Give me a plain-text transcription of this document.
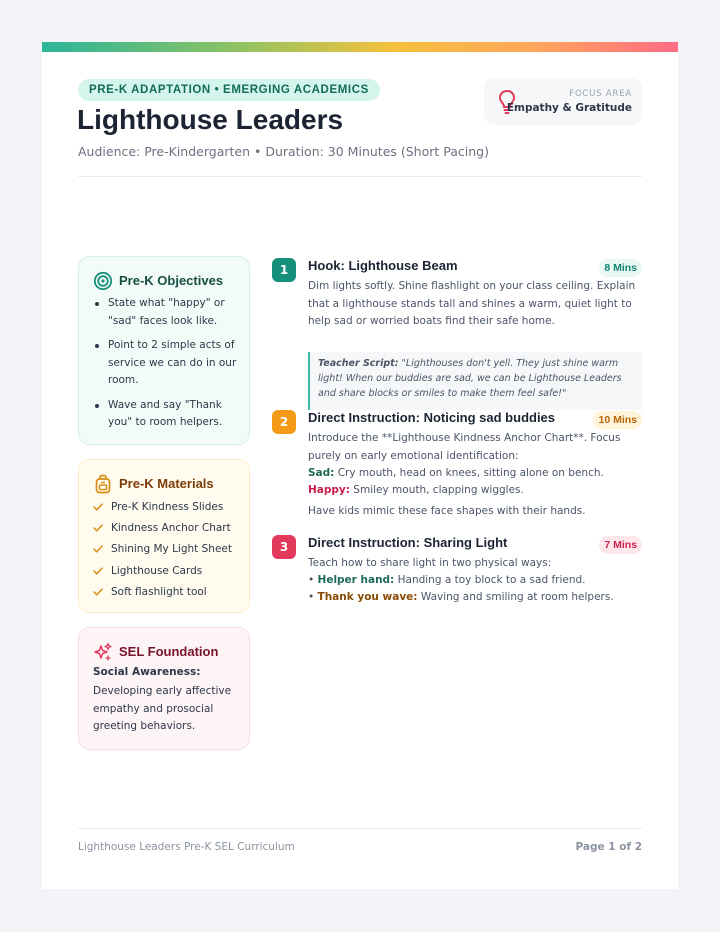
PRE-K ADAPTATION • EMERGING ACADEMICS
Lighthouse Leaders
Audience: Pre-Kindergarten • Duration: 30 Minutes (Short Pacing)
FOCUS AREA
Empathy & Gratitude
Pre-K Objectives
State what "happy" or "sad" faces look like.
Point to 2 simple acts of service we can do in our room.
Wave and say "Thank you" to room helpers.
Pre-K Materials
Pre-K Kindness Slides
Kindness Anchor Chart
Shining My Light Sheet
Lighthouse Cards
Soft flashlight tool
SEL Foundation
Social Awareness:
Developing early affective empathy and prosocial greeting behaviors.
1	Hook: Lighthouse Beam	8 Mins
Dim lights softly. Shine flashlight on your class ceiling. Explain that a lighthouse stands tall and shines a warm, quiet light to help sad or worried boats find their safe home.
Teacher Script: "Lighthouses don't yell. They just shine warm light! When our buddies are sad, we can be Lighthouse Leaders and share blocks or smiles to make them feel safe!"
2	Direct Instruction: Noticing sad buddies	10 Mins
Introduce the **Lighthouse Kindness Anchor Chart**. Focus purely on early emotional identification:
Sad: Cry mouth, head on knees, sitting alone on bench.
Happy: Smiley mouth, clapping wiggles.
Have kids mimic these face shapes with their hands.
3	Direct Instruction: Sharing Light	7 Mins
Teach how to share light in two physical ways:
• Helper hand: Handing a toy block to a sad friend.
• Thank you wave: Waving and smiling at room helpers.
Lighthouse Leaders Pre-K SEL Curriculum	Page 1 of 2
